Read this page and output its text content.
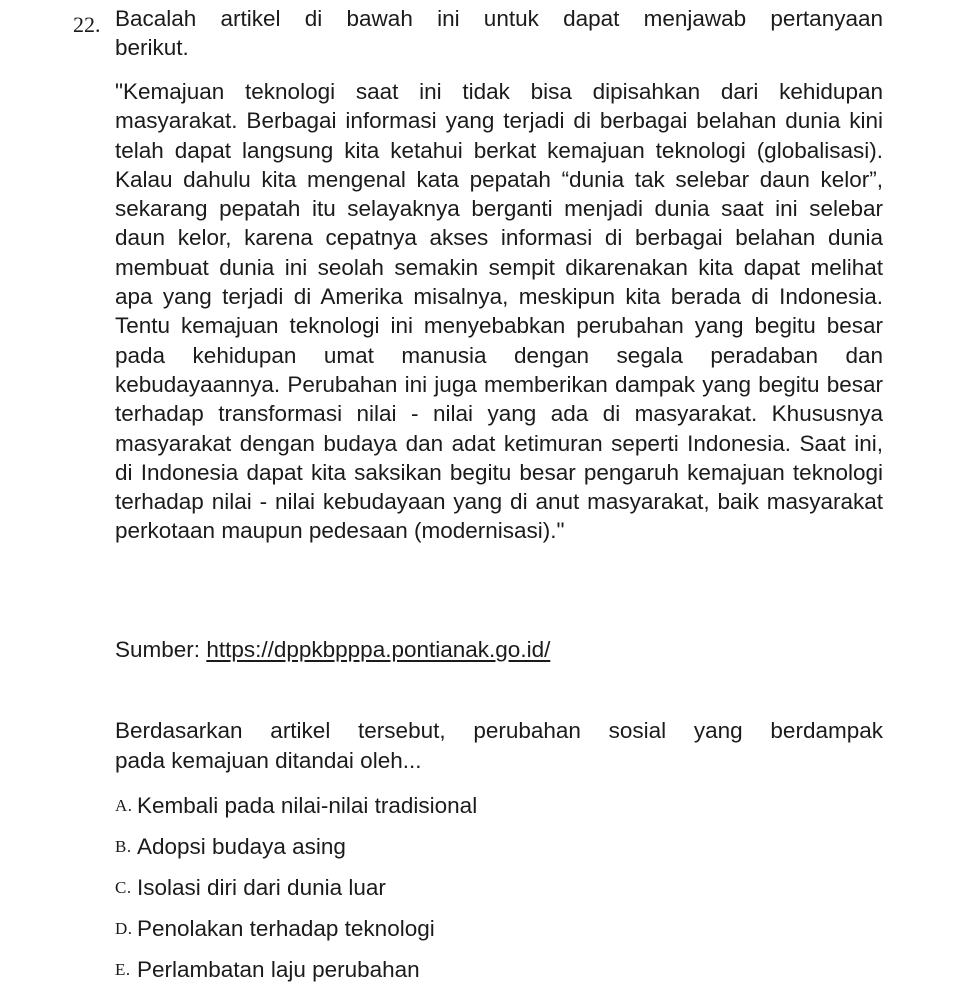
22. Bacalah artikel di bawah ini untuk dapat menjawab pertanyaan
berikut.

"Kemajuan teknologi saat ini tidak bisa dipisahkan dari kehidupan masyarakat. Berbagai informasi yang terjadi di berbagai belahan dunia kini telah dapat langsung kita ketahui berkat kemajuan teknologi (globalisasi). Kalau dahulu kita mengenal kata pepatah “dunia tak selebar daun kelor”, sekarang pepatah itu selayaknya berganti menjadi dunia saat ini selebar daun kelor, karena cepatnya akses informasi di berbagai belahan dunia membuat dunia ini seolah semakin sempit dikarenakan kita dapat melihat apa yang terjadi di Amerika misalnya, meskipun kita berada di Indonesia. Tentu kemajuan teknologi ini menyebabkan perubahan yang begitu besar pada kehidupan umat manusia dengan segala peradaban dan kebudayaannya. Perubahan ini juga memberikan dampak yang begitu besar terhadap transformasi nilai - nilai yang ada di masyarakat. Khususnya masyarakat dengan budaya dan adat ketimuran seperti Indonesia. Saat ini, di Indonesia dapat kita saksikan begitu besar pengaruh kemajuan teknologi terhadap nilai - nilai kebudayaan yang di anut masyarakat, baik masyarakat perkotaan maupun pedesaan (modernisasi)."

Sumber: https://dppkbpppa.pontianak.go.id/
Berdasarkan artikel tersebut, perubahan sosial yang berdampak
pada kemajuan ditandai oleh...
A. Kembali pada nilai-nilai tradisional
B. Adopsi budaya asing
C. Isolasi diri dari dunia luar
D. Penolakan terhadap teknologi
E. Perlambatan laju perubahan
